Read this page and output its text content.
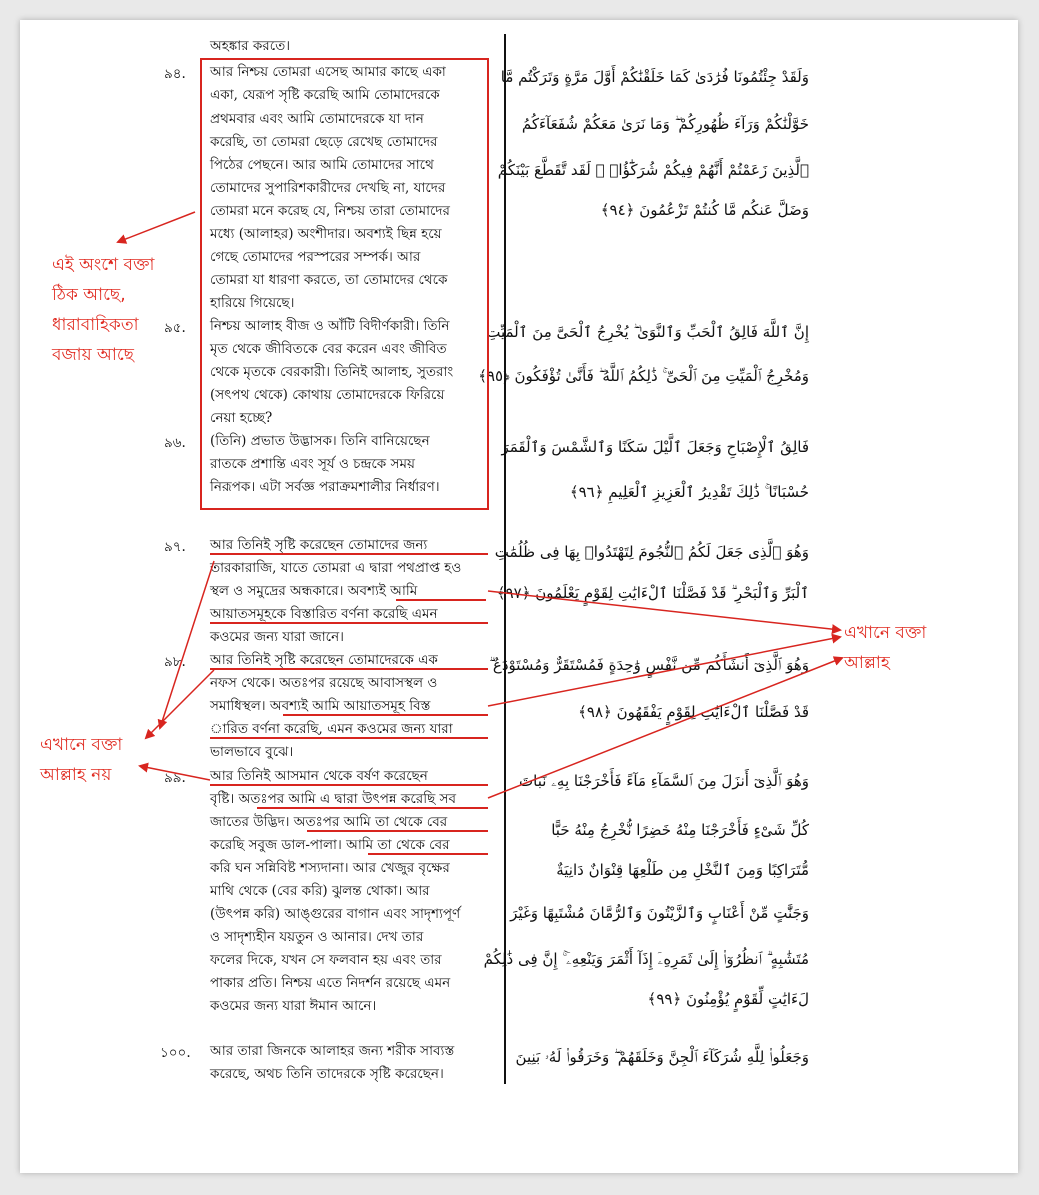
অহঙ্কার করতে।
৯৪. আর নিশ্চয় তোমরা এসেছ আমার কাছে একা
একা, যেরূপ সৃষ্টি করেছি আমি তোমাদেরকে
প্রথমবার এবং আমি তোমাদেরকে যা দান
করেছি, তা তোমরা ছেড়ে রেখেছ তোমাদের
পিঠের পেছনে। আর আমি তোমাদের সাথে
তোমাদের সুপারিশকারীদের দেখছি না, যাদের
তোমরা মনে করেছ যে, নিশ্চয় তারা তোমাদের
মধ্যে (আলাহর) অংশীদার। অবশ্যই ছিন্ন হয়ে
গেছে তোমাদের পরস্পরের সম্পর্ক। আর
তোমরা যা ধারণা করতে, তা তোমাদের থেকে
হারিয়ে গিয়েছে।
৯৫. নিশ্চয় আলাহ বীজ ও আঁটি বিদীর্ণকারী। তিনি
মৃত থেকে জীবিতকে বের করেন এবং জীবিত
থেকে মৃতকে বেরকারী। তিনিই আলাহ, সুতরাং
(সৎপথ থেকে) কোথায় তোমাদেরকে ফিরিয়ে
নেয়া হচ্ছে?
৯৬. (তিনি) প্রভাত উদ্ভাসক। তিনি বানিয়েছেন
রাতকে প্রশান্তি এবং সূর্য ও চন্দ্রকে সময়
নিরূপক। এটা সর্বজ্ঞ পরাক্রমশালীর নির্ধারণ।
৯৭. আর তিনিই সৃষ্টি করেছেন তোমাদের জন্য
তারকারাজি, যাতে তোমরা এ দ্বারা পথপ্রাপ্ত হও
স্থল ও সমুদ্রের অন্ধকারে। অবশ্যই আমি
আয়াতসমূহকে বিস্তারিত বর্ণনা করেছি এমন
কওমের জন্য যারা জানে।
৯৮. আর তিনিই সৃষ্টি করেছেন তোমাদেরকে এক
নফস থেকে। অতঃপর রয়েছে আবাসস্থল ও
সমাধিস্থল। অবশ্যই আমি আয়াতসমূহ বিস্ত
ারিত বর্ণনা করেছি, এমন কওমের জন্য যারা
ভালভাবে বুঝে।
৯৯. আর তিনিই আসমান থেকে বর্ষণ করেছেন
বৃষ্টি। অতঃপর আমি এ দ্বারা উৎপন্ন করেছি সব
জাতের উদ্ভিদ। অতঃপর আমি তা থেকে বের
করেছি সবুজ ডাল-পালা। আমি তা থেকে বের
করি ঘন সন্নিবিষ্ট শস্যদানা। আর খেজুর বৃক্ষের
মাথি থেকে (বের করি) ঝুলন্ত থোকা। আর
(উৎপন্ন করি) আঙ্গুরের বাগান এবং সাদৃশ্যপূর্ণ
ও সাদৃশ্যহীন যয়তুন ও আনার। দেখ তার
ফলের দিকে, যখন সে ফলবান হয় এবং তার
পাকার প্রতি। নিশ্চয় এতে নিদর্শন রয়েছে এমন
কওমের জন্য যারা ঈমান আনে।
১০০. আর তারা জিনকে আলাহর জন্য শরীক সাব্যস্ত
করেছে, অথচ তিনি তাদেরকে সৃষ্টি করেছেন।
وَلَقَدْ جِئْتُمُونَا فُرَٰدَىٰ كَمَا خَلَقْنَٰكُمْ أَوَّلَ مَرَّةٍ وَتَرَكْتُم مَّا
خَوَّلْنَٰكُمْ وَرَآءَ ظُهُورِكُمْ ۖ وَمَا نَرَىٰ مَعَكُمْ شُفَعَآءَكُمُ
ٱلَّذِينَ زَعَمْتُمْ أَنَّهُمْ فِيكُمْ شُرَكَٰٓؤُا۟ ۚ لَقَد تَّقَطَّعَ بَيْنَكُمْ
وَضَلَّ عَنكُم مَّا كُنتُمْ تَزْعُمُونَ ﴿٩٤﴾
إِنَّ ٱللَّهَ فَالِقُ ٱلْحَبِّ وَٱلنَّوَىٰ ۖ يُخْرِجُ ٱلْحَىَّ مِنَ ٱلْمَيِّتِ
وَمُخْرِجُ ٱلْمَيِّتِ مِنَ ٱلْحَىِّ ۚ ذَٰلِكُمُ ٱللَّهُ ۖ فَأَنَّىٰ تُؤْفَكُونَ ﴿٩٥﴾
فَالِقُ ٱلْإِصْبَاحِ وَجَعَلَ ٱلَّيْلَ سَكَنًا وَٱلشَّمْسَ وَٱلْقَمَرَ
حُسْبَانًا ۚ ذَٰلِكَ تَقْدِيرُ ٱلْعَزِيزِ ٱلْعَلِيمِ ﴿٩٦﴾
وَهُوَ ٱلَّذِى جَعَلَ لَكُمُ ٱلنُّجُومَ لِتَهْتَدُوا۟ بِهَا فِى ظُلُمَٰتِ
ٱلْبَرِّ وَٱلْبَحْرِ ۗ قَدْ فَصَّلْنَا ٱلْءَايَٰتِ لِقَوْمٍ يَعْلَمُونَ ﴿٩٧﴾
وَهُوَ ٱلَّذِىٓ أَنشَأَكُم مِّن نَّفْسٍ وَٰحِدَةٍ فَمُسْتَقَرٌّ وَمُسْتَوْدَعٌ ۗ
قَدْ فَصَّلْنَا ٱلْءَايَٰتِ لِقَوْمٍ يَفْقَهُونَ ﴿٩٨﴾
وَهُوَ ٱلَّذِىٓ أَنزَلَ مِنَ ٱلسَّمَآءِ مَآءً فَأَخْرَجْنَا بِهِۦ نَبَاتَ
كُلِّ شَىْءٍ فَأَخْرَجْنَا مِنْهُ خَضِرًا نُّخْرِجُ مِنْهُ حَبًّا
مُّتَرَاكِبًا وَمِنَ ٱلنَّخْلِ مِن طَلْعِهَا قِنْوَانٌ دَانِيَةٌ
وَجَنَّٰتٍ مِّنْ أَعْنَابٍ وَٱلزَّيْتُونَ وَٱلرُّمَّانَ مُشْتَبِهًا وَغَيْرَ
مُتَشَٰبِهٍ ۗ ٱنظُرُوٓا۟ إِلَىٰ ثَمَرِهِۦٓ إِذَآ أَثْمَرَ وَيَنْعِهِۦٓ ۚ إِنَّ فِى ذَٰلِكُمْ
لَءَايَٰتٍ لِّقَوْمٍ يُؤْمِنُونَ ﴿٩٩﴾
وَجَعَلُوا۟ لِلَّهِ شُرَكَآءَ ٱلْجِنَّ وَخَلَقَهُمْ ۖ وَخَرَقُوا۟ لَهُۥ بَنِينَ
এই অংশে বক্তা
ঠিক আছে,
ধারাবাহিকতা
বজায় আছে
এখানে বক্তা
আল্লাহ
এখানে বক্তা
আল্লাহ নয়
